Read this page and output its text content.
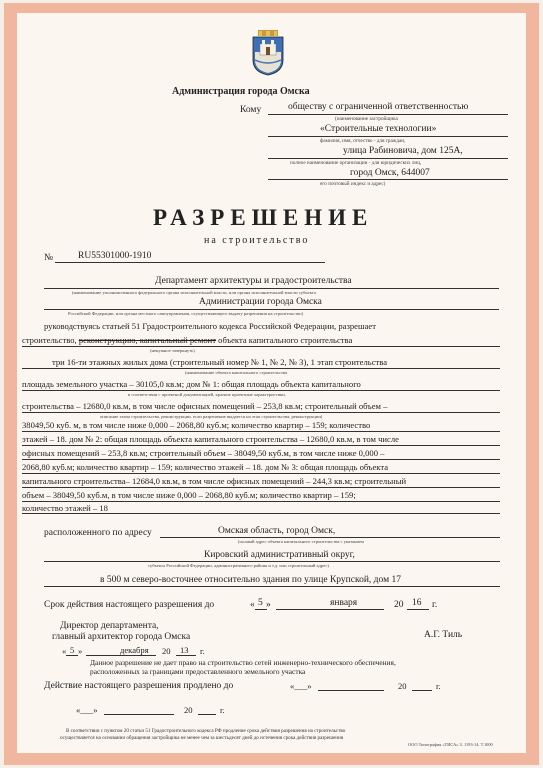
Администрация города Омска
Кому	обществу с ограниченной ответственностью
(наименование застройщика
«Строительные технологии»
фамилия, имя, отчество - для граждан,
улица Рабиновича, дом 125А,
полное наименование организации - для юридических лиц,
город Омск, 644007
его почтовый индекс и адрес)
РАЗРЕШЕНИЕ
на строительство
№	RU55301000-1910
Департамент архитектуры и градостроительства
(наименование уполномоченного федерального органа исполнительной власти, или органа исполнительной власти субъекта
Администрации города Омска
Российской Федерации, или органа местного самоуправления, осуществляющего выдачу разрешения на строительство)
руководствуясь статьей 51 Градостроительного кодекса Российской Федерации, разрешает
строительство, реконструкцию, капитальный ремонт объекта капитального строительства
(ненужное зачеркнуть)
три 16-ти этажных жилых дома (строительный номер № 1, № 2, № 3), 1 этап строительства
(наименование объекта капитального строительства
площадь земельного участка – 30105,0 кв.м; дом № 1: общая площадь объекта капитального
в соответствии с проектной документацией, краткие проектные характеристики,
строительства – 12680,0 кв.м, в том числе офисных помещений – 253,8 кв.м; строительный объем –
описание этапа строительства, реконструкции, если разрешение выдается на этап строительства, реконструкции)
38049,50 куб. м, в том числе ниже 0,000 – 2068,80 куб.м; количество квартир – 159; количество
этажей – 18. дом № 2: общая площадь объекта капитального строительства – 12680,0 кв.м, в том числе
офисных помещений – 253,8 кв.м; строительный объем – 38049,50 куб.м, в том числе ниже 0,000 –
2068,80 куб.м; количество квартир – 159; количество этажей – 18. дом № 3: общая площадь объекта
капитального строительства– 12684,0 кв.м, в том числе офисных помещений – 244,3 кв.м; строительный
объем – 38049,50 куб.м, в том числе ниже 0,000 – 2068,80 куб.м; количество квартир – 159;
количество этажей – 18
расположенного по адресу	Омская область, город Омск,
(полный адрес объекта капитального строительства с указанием
Кировский административный округ,
субъекта Российской Федерации, административного района и т.д. или строительный адрес)
в 500 м северо-восточнее относительно здания по улице Крупской, дом 17
Срок действия настоящего разрешения до	« 5 »	января	20 16 г.
Директор департамента,
главный архитектор города Омска	А.Г. Тиль
« 5 »	декабря 20 13 г.
Данное разрешение не дает право на строительство сетей инженерно-технического обеспечения,
расположенных за границами предоставленного земельного участка
Действие настоящего разрешения продлено до	«___»	20	г.
«___»	20	г.
В соответствии с пунктом 20 статьи 51 Градостроительного кодекса РФ продление срока действия разрешения на строительство
осуществляется на основании обращения застройщика не менее чем за шестьдесят дней до истечения срока действия разрешения
ООО Типография «ТИСА» З. 1193-14. Т.1000
